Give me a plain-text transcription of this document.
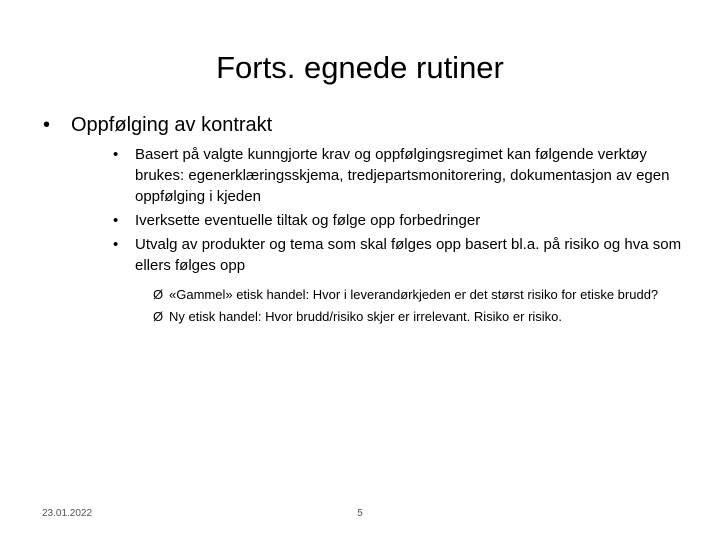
Forts. egnede rutiner
•	Oppfølging av kontrakt
•	Basert på valgte kunngjorte krav og oppfølgingsregimet kan følgende verktøy brukes: egenerklæringsskjema, tredjepartsmonitorering, dokumentasjon av egen oppfølging i kjeden
•	Iverksette eventuelle tiltak og følge opp forbedringer
•	Utvalg av produkter og tema som skal følges opp basert bl.a. på risiko og hva som ellers følges opp
Ø «Gammel» etisk handel: Hvor i leverandørkjeden er det størst risiko for etiske brudd?
Ø Ny etisk handel: Hvor brudd/risiko skjer er irrelevant. Risiko er risiko.
23.01.2022	5
